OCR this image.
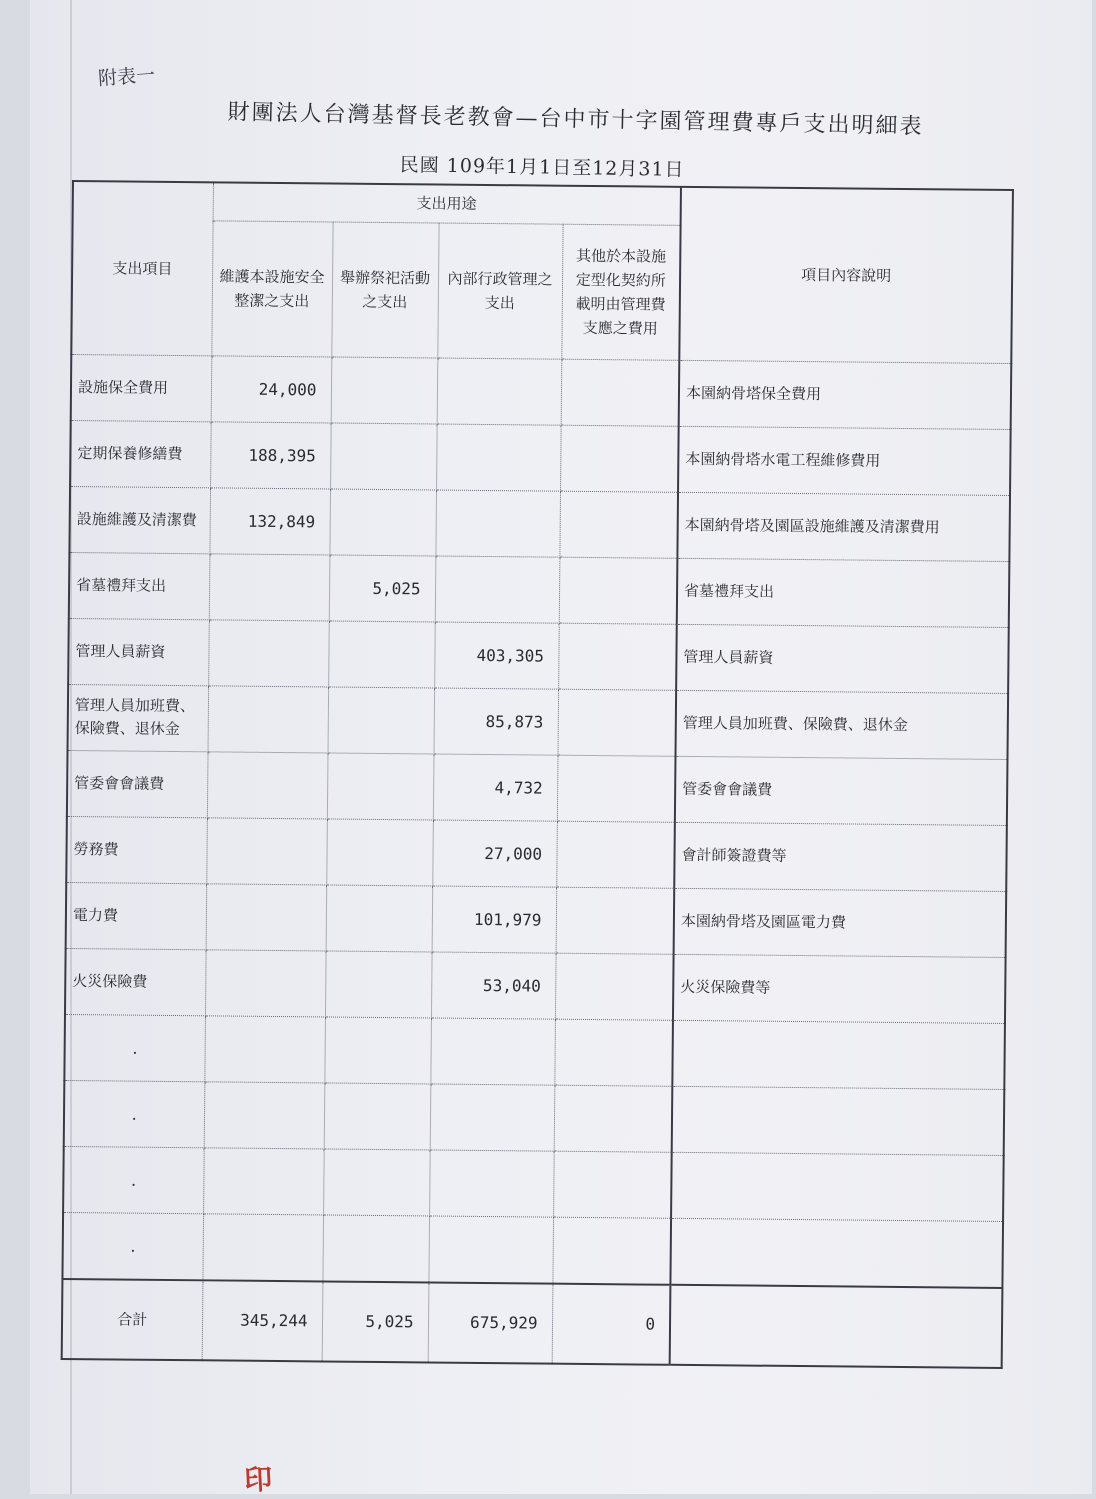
附表一
財團法人台灣基督長老教會—台中市十字園管理費專戶支出明細表
民國 109年1月1日至12月31日
支出項目	支出用途				項目內容說明
	維護本設施安全整潔之支出	舉辦祭祀活動之支出	內部行政管理之支出	其他於本設施定型化契約所載明由管理費支應之費用	
設施保全費用	24,000				本園納骨塔保全費用
定期保養修繕費	188,395				本園納骨塔水電工程維修費用
設施維護及清潔費	132,849				本園納骨塔及園區設施維護及清潔費用
省墓禮拜支出		5,025			省墓禮拜支出
管理人員薪資			403,305		管理人員薪資
管理人員加班費、保險費、退休金			85,873		管理人員加班費、保險費、退休金
管委會會議費			4,732		管委會會議費
勞務費			27,000		會計師簽證費等
電力費			101,979		本園納骨塔及園區電力費
火災保險費			53,040		火災保險費等
.					
.					
.					
.					
合計	345,244	5,025	675,929	0	
印
